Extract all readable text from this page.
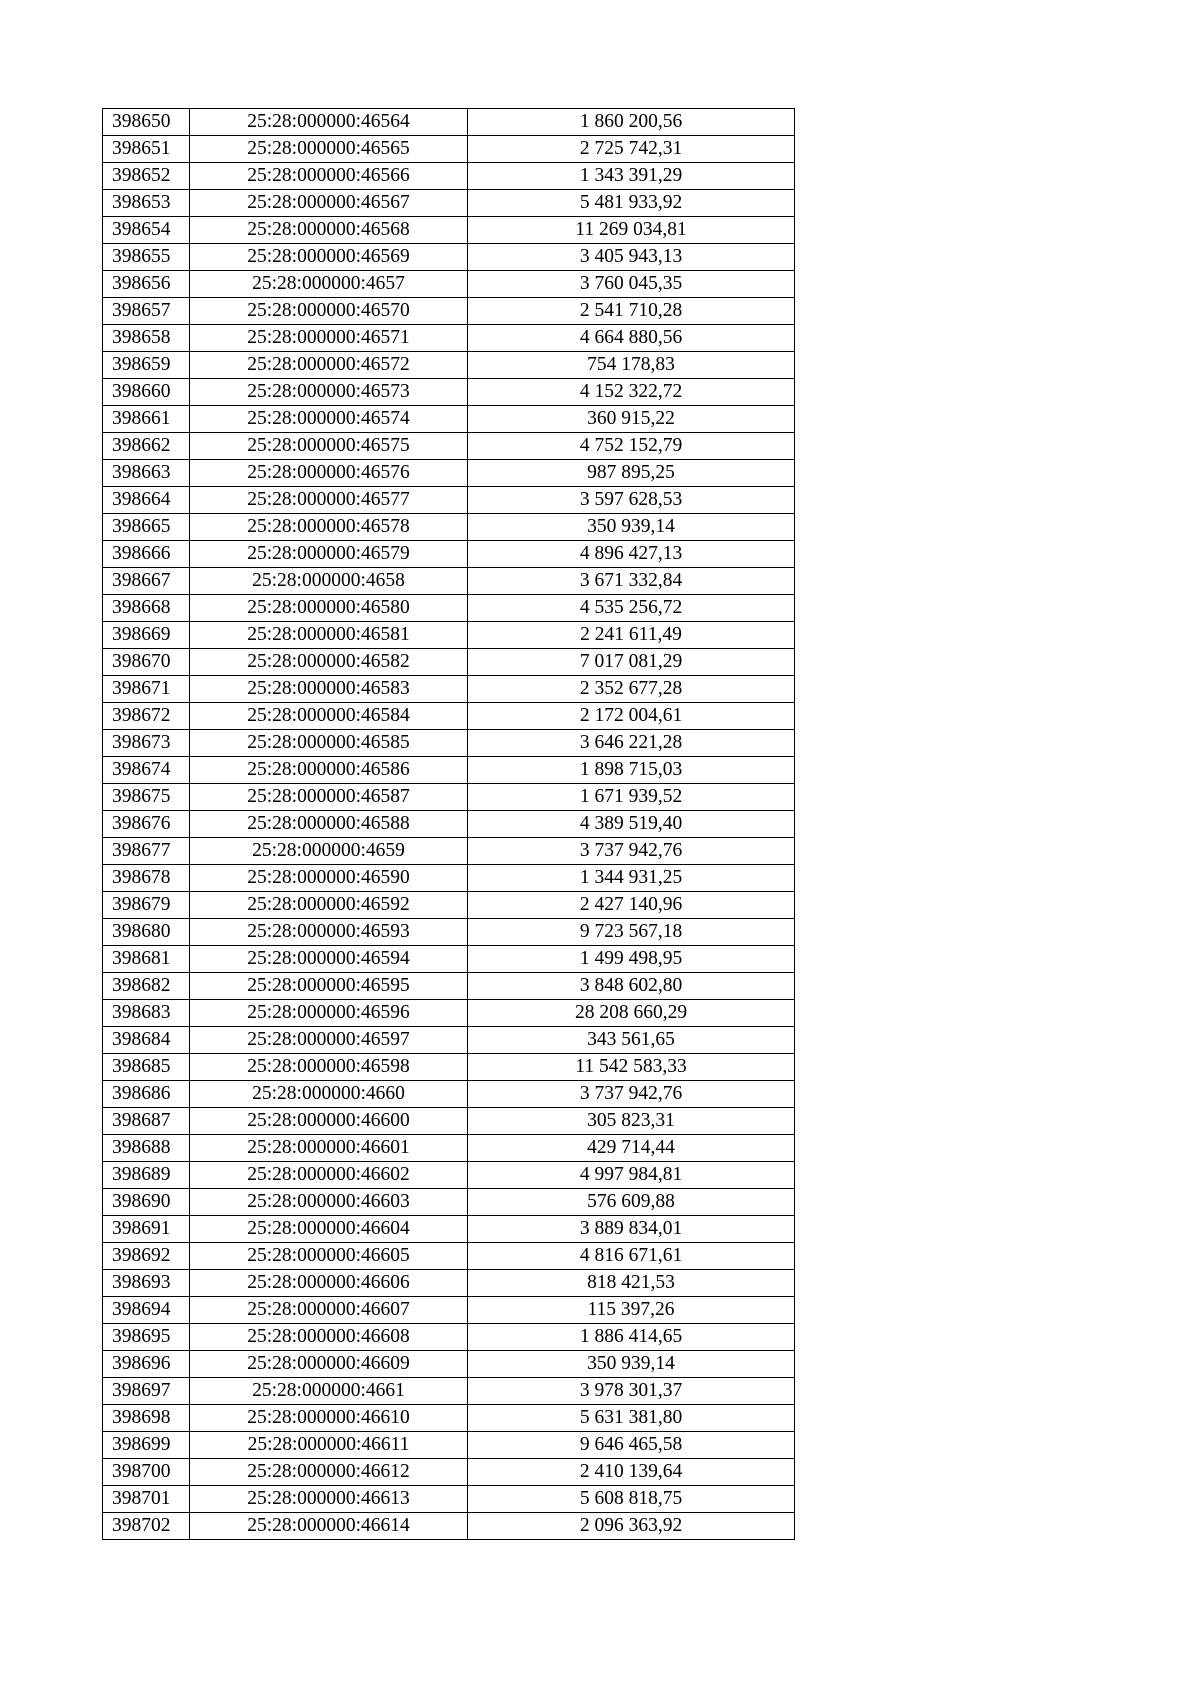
398650	25:28:000000:46564	1 860 200,56
398651	25:28:000000:46565	2 725 742,31
398652	25:28:000000:46566	1 343 391,29
398653	25:28:000000:46567	5 481 933,92
398654	25:28:000000:46568	11 269 034,81
398655	25:28:000000:46569	3 405 943,13
398656	25:28:000000:4657	3 760 045,35
398657	25:28:000000:46570	2 541 710,28
398658	25:28:000000:46571	4 664 880,56
398659	25:28:000000:46572	754 178,83
398660	25:28:000000:46573	4 152 322,72
398661	25:28:000000:46574	360 915,22
398662	25:28:000000:46575	4 752 152,79
398663	25:28:000000:46576	987 895,25
398664	25:28:000000:46577	3 597 628,53
398665	25:28:000000:46578	350 939,14
398666	25:28:000000:46579	4 896 427,13
398667	25:28:000000:4658	3 671 332,84
398668	25:28:000000:46580	4 535 256,72
398669	25:28:000000:46581	2 241 611,49
398670	25:28:000000:46582	7 017 081,29
398671	25:28:000000:46583	2 352 677,28
398672	25:28:000000:46584	2 172 004,61
398673	25:28:000000:46585	3 646 221,28
398674	25:28:000000:46586	1 898 715,03
398675	25:28:000000:46587	1 671 939,52
398676	25:28:000000:46588	4 389 519,40
398677	25:28:000000:4659	3 737 942,76
398678	25:28:000000:46590	1 344 931,25
398679	25:28:000000:46592	2 427 140,96
398680	25:28:000000:46593	9 723 567,18
398681	25:28:000000:46594	1 499 498,95
398682	25:28:000000:46595	3 848 602,80
398683	25:28:000000:46596	28 208 660,29
398684	25:28:000000:46597	343 561,65
398685	25:28:000000:46598	11 542 583,33
398686	25:28:000000:4660	3 737 942,76
398687	25:28:000000:46600	305 823,31
398688	25:28:000000:46601	429 714,44
398689	25:28:000000:46602	4 997 984,81
398690	25:28:000000:46603	576 609,88
398691	25:28:000000:46604	3 889 834,01
398692	25:28:000000:46605	4 816 671,61
398693	25:28:000000:46606	818 421,53
398694	25:28:000000:46607	115 397,26
398695	25:28:000000:46608	1 886 414,65
398696	25:28:000000:46609	350 939,14
398697	25:28:000000:4661	3 978 301,37
398698	25:28:000000:46610	5 631 381,80
398699	25:28:000000:46611	9 646 465,58
398700	25:28:000000:46612	2 410 139,64
398701	25:28:000000:46613	5 608 818,75
398702	25:28:000000:46614	2 096 363,92
